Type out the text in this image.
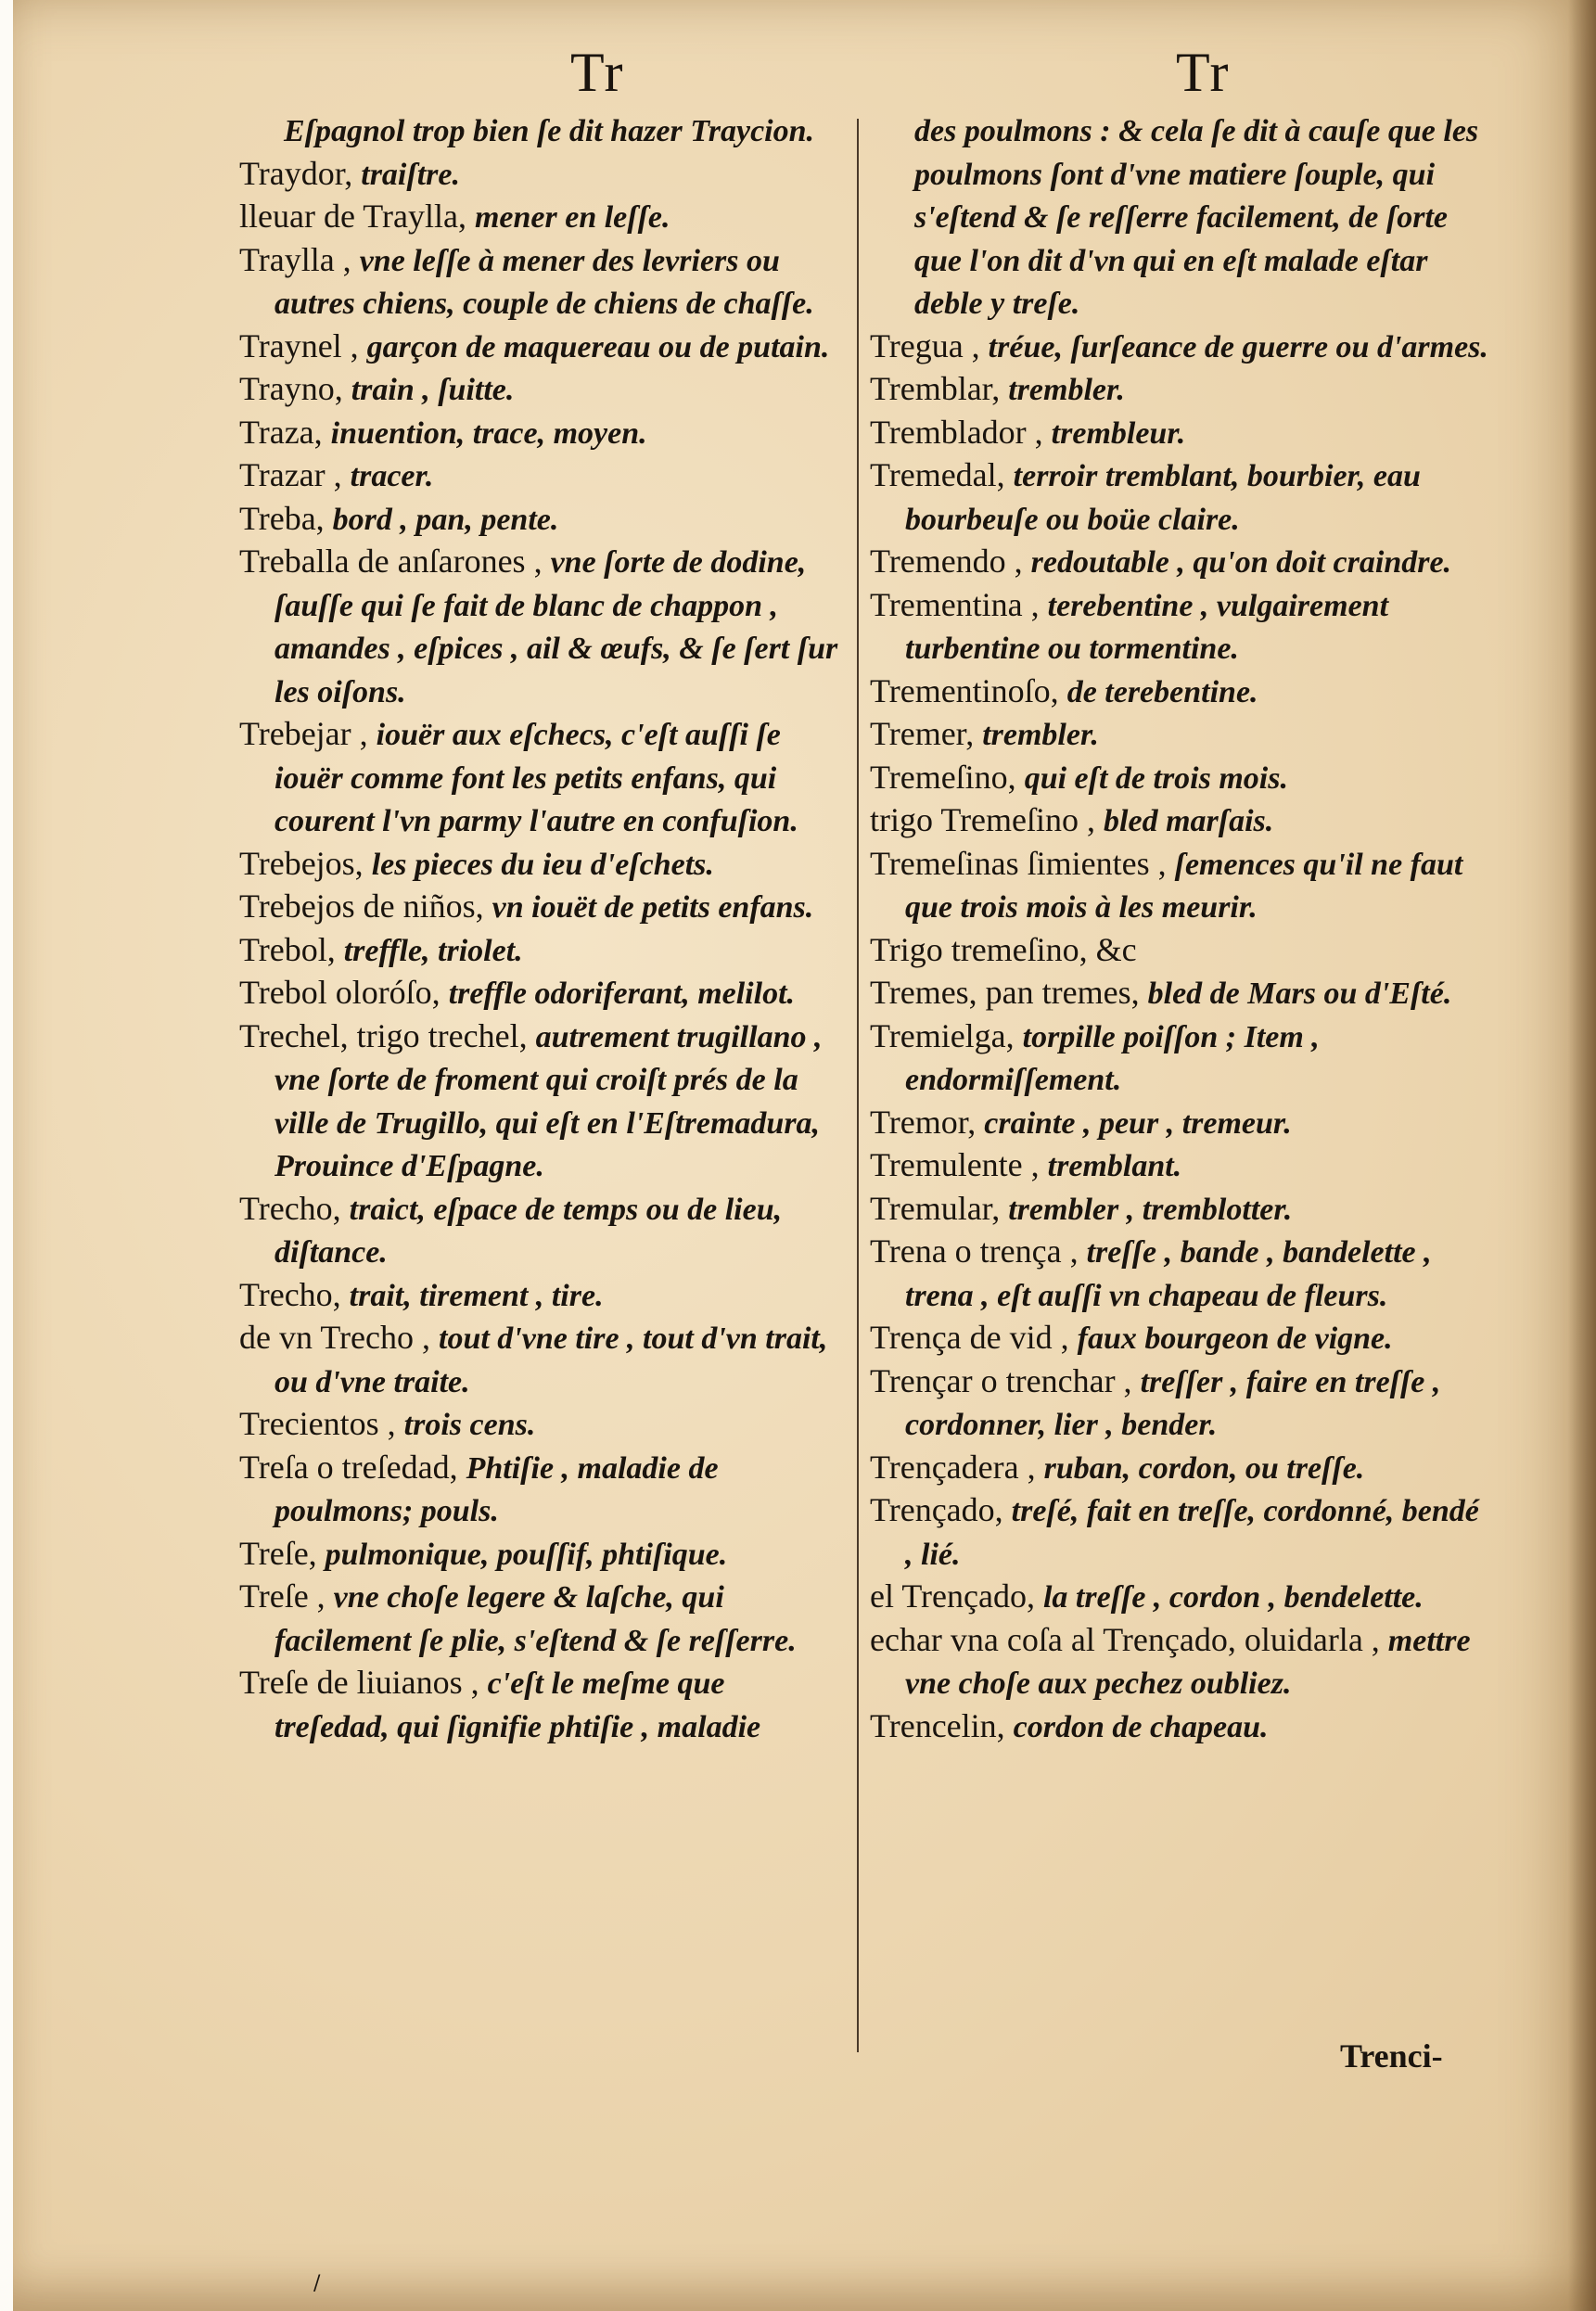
Tr	Tr

Eſpagnol trop bien ſe dit hazer Traycion.

Traydor, traiſtre.

lleuar de Traylla, mener en leſſe.

Traylla , vne leſſe à mener des levriers ou autres chiens, couple de chiens de chaſſe.

Traynel , garçon de maquereau ou de putain.

Trayno, train , ſuitte.

Traza, inuention, trace, moyen.

Trazar , tracer.

Treba, bord , pan, pente.

Treballa de anſarones , vne ſorte de dodine, ſauſſe qui ſe fait de blanc de chappon , amandes , eſpices , ail & œufs, & ſe ſert ſur les oiſons.

Trebejar , iouër aux eſchecs, c'eſt auſſi ſe iouër comme font les petits enfans, qui courent l'vn parmy l'autre en confuſion.

Trebejos, les pieces du ieu d'eſchets.

Trebejos de niños, vn iouët de petits enfans.

Trebol, treffle, triolet.

Trebol oloróſo, treffle odoriferant, melilot.

Trechel, trigo trechel, autrement trugillano , vne ſorte de froment qui croiſt prés de la ville de Trugillo, qui eſt en l'Eſtremadura, Prouince d'Eſpagne.

Trecho, traict, eſpace de temps ou de lieu, diſtance.

Trecho, trait, tirement , tire.

de vn Trecho , tout d'vne tire , tout d'vn trait, ou d'vne traite.

Trecientos , trois cens.

Treſa o treſedad, Phtiſie , maladie de poulmons; pouls.

Treſe, pulmonique, pouſſif, phtiſique.

Treſe , vne choſe legere & laſche, qui facilement ſe plie, s'eſtend & ſe reſſerre.

Treſe de liuianos , c'eſt le meſme que treſedad, qui ſignifie phtiſie , maladie

des poulmons : & cela ſe dit à cauſe que les poulmons ſont d'vne matiere ſouple, qui s'eſtend & ſe reſſerre facilement, de ſorte que l'on dit d'vn qui en eſt malade eſtar deble y treſe.

Tregua , tréue, ſurſeance de guerre ou d'armes.

Tremblar, trembler.

Tremblador , trembleur.

Tremedal, terroir tremblant, bourbier, eau bourbeuſe ou boüe claire.

Tremendo , redoutable , qu'on doit craindre.

Trementina , terebentine , vulgairement turbentine ou tormentine.

Trementinoſo, de terebentine.

Tremer, trembler.

Tremeſino, qui eſt de trois mois.

trigo Tremeſino , bled marſais.

Tremeſinas ſimientes , ſemences qu'il ne faut que trois mois à les meurir.

Trigo tremeſino, &c

Tremes, pan tremes, bled de Mars ou d'Eſté.

Tremielga, torpille poiſſon ; Item , endormiſſement.

Tremor, crainte , peur , tremeur.

Tremulente , tremblant.

Tremular, trembler , tremblotter.

Trena o trença , treſſe , bande , bandelette , trena , eſt auſſi vn chapeau de fleurs.

Trença de vid , faux bourgeon de vigne.

Trençar o trenchar , treſſer , faire en treſſe , cordonner, lier , bender.

Trençadera , ruban, cordon, ou treſſe.

Trençado, treſé, fait en treſſe, cordonné, bendé , lié.

el Trençado, la treſſe , cordon , bendelette.

echar vna coſa al Trençado, oluidarla , mettre vne choſe aux pechez oubliez.

Trencelin, cordon de chapeau.

Trenci-
/
